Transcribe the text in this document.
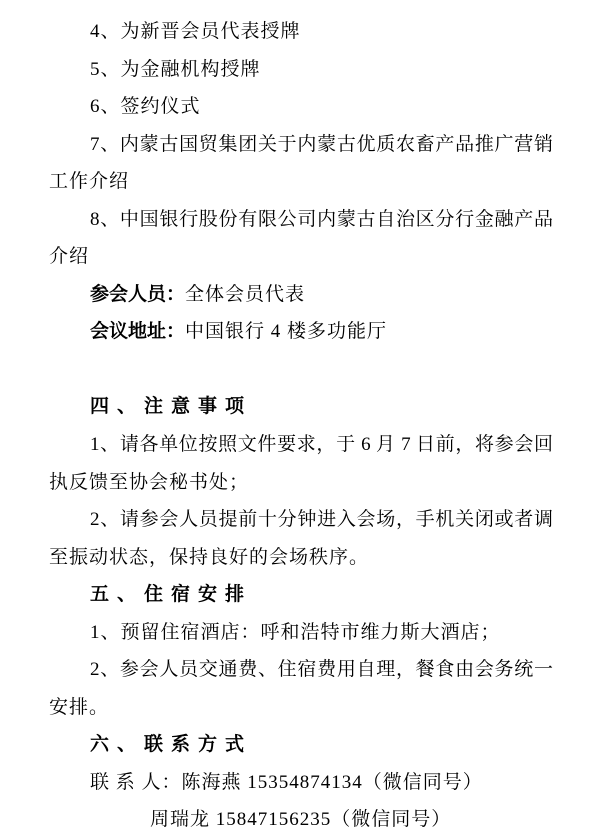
4、为新晋会员代表授牌
5、为金融机构授牌
6、签约仪式
7、内蒙古国贸集团关于内蒙古优质农畜产品推广营销
工作介绍
8、中国银行股份有限公司内蒙古自治区分行金融产品
介绍
参会人员：全体会员代表
会议地址：中国银行 4 楼多功能厅
四、注意事项
1、请各单位按照文件要求，于 6 月 7 日前，将参会回
执反馈至协会秘书处；
2、请参会人员提前十分钟进入会场，手机关闭或者调
至振动状态，保持良好的会场秩序。
五、住宿安排
1、预留住宿酒店：呼和浩特市维力斯大酒店；
2、参会人员交通费、住宿费用自理，餐食由会务统一
安排。
六、联系方式
联 系 人：陈海燕 15354874134（微信同号）
周瑞龙 15847156235（微信同号）
